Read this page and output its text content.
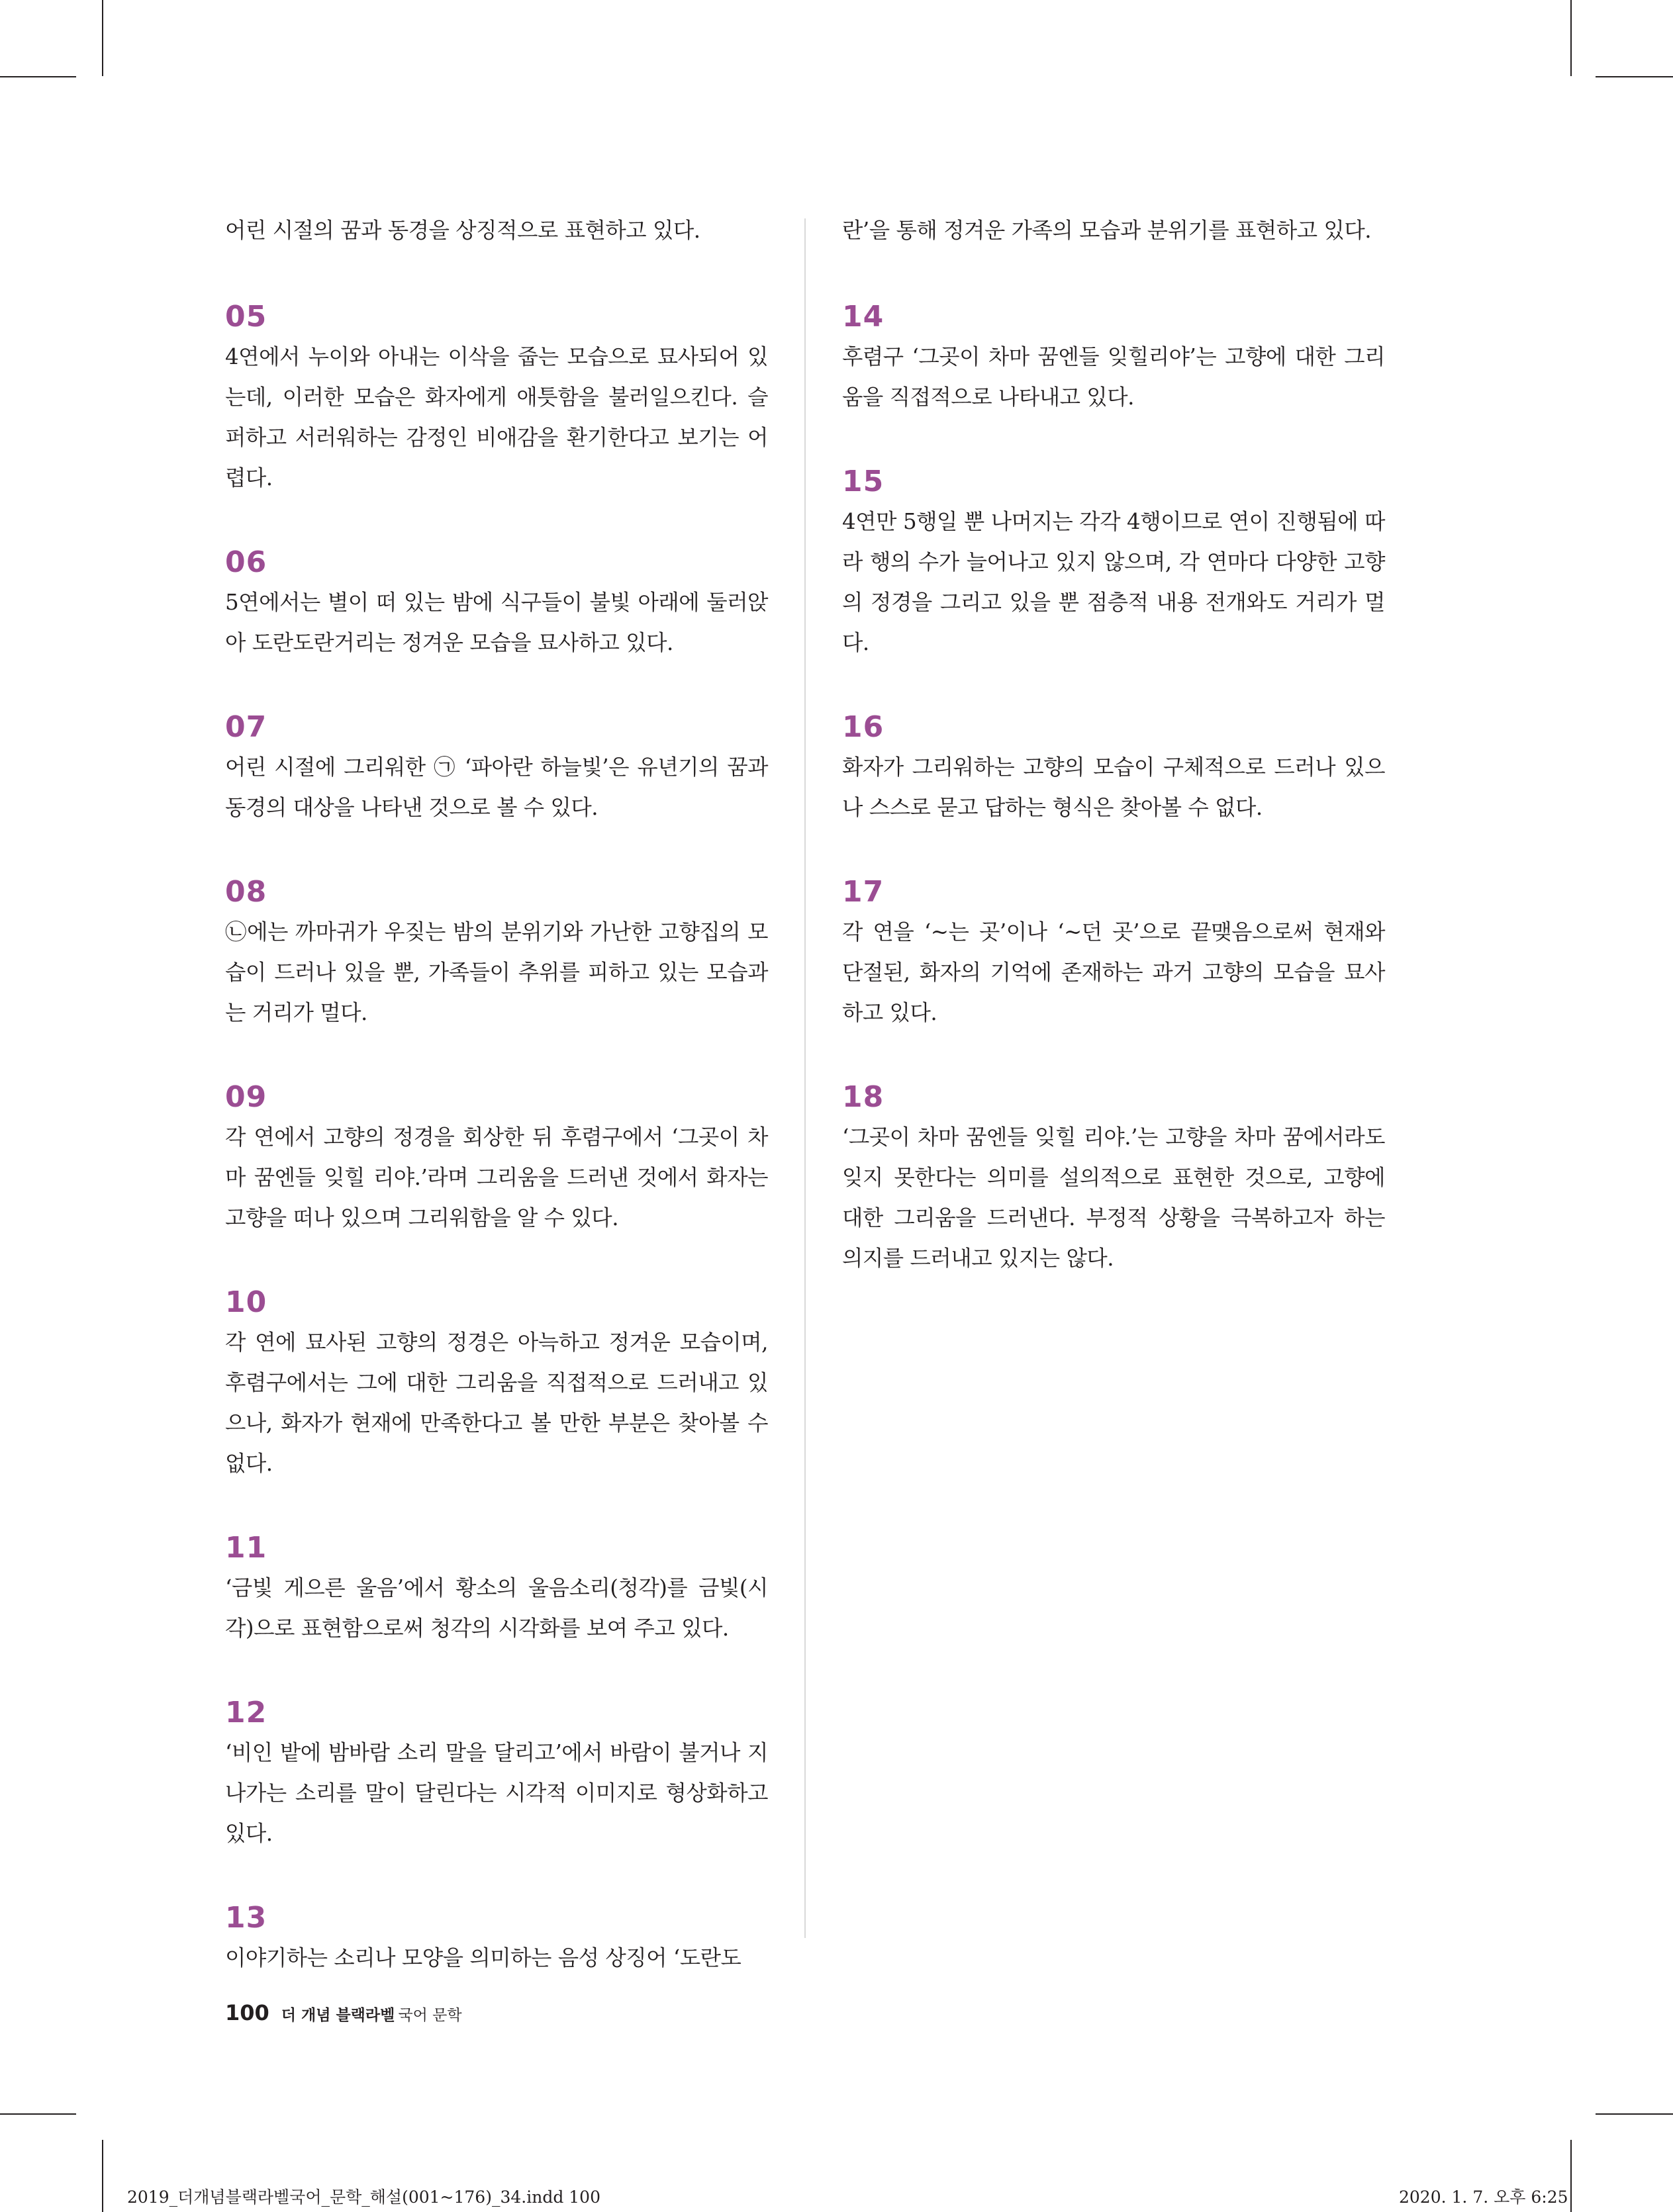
어린 시절의 꿈과 동경을 상징적으로 표현하고 있다.

05

4연에서 누이와 아내는 이삭을 줍는 모습으로 묘사되어 있는데, 이러한 모습은 화자에게 애틋함을 불러일으킨다. 슬퍼하고 서러워하는 감정인 비애감을 환기한다고 보기는 어렵다.

06

5연에서는 별이 떠 있는 밤에 식구들이 불빛 아래에 둘러앉아 도란도란거리는 정겨운 모습을 묘사하고 있다.

07

어린 시절에 그리워한 ㉠ ‘파아란 하늘빛’은 유년기의 꿈과 동경의 대상을 나타낸 것으로 볼 수 있다.

08

㉡에는 까마귀가 우짖는 밤의 분위기와 가난한 고향집의 모습이 드러나 있을 뿐, 가족들이 추위를 피하고 있는 모습과는 거리가 멀다.

09

각 연에서 고향의 정경을 회상한 뒤 후렴구에서 ‘그곳이 차마 꿈엔들 잊힐 리야.’라며 그리움을 드러낸 것에서 화자는 고향을 떠나 있으며 그리워함을 알 수 있다.

10

각 연에 묘사된 고향의 정경은 아늑하고 정겨운 모습이며, 후렴구에서는 그에 대한 그리움을 직접적으로 드러내고 있으나, 화자가 현재에 만족한다고 볼 만한 부분은 찾아볼 수 없다.

11

‘금빛 게으른 울음’에서 황소의 울음소리(청각)를 금빛(시각)으로 표현함으로써 청각의 시각화를 보여 주고 있다.

12

‘비인 밭에 밤바람 소리 말을 달리고’에서 바람이 불거나 지나가는 소리를 말이 달린다는 시각적 이미지로 형상화하고 있다.

13

이야기하는 소리나 모양을 의미하는 음성 상징어 ‘도란도

란’을 통해 정겨운 가족의 모습과 분위기를 표현하고 있다.

14

후렴구 ‘그곳이 차마 꿈엔들 잊힐리야’는 고향에 대한 그리움을 직접적으로 나타내고 있다.

15

4연만 5행일 뿐 나머지는 각각 4행이므로 연이 진행됨에 따라 행의 수가 늘어나고 있지 않으며, 각 연마다 다양한 고향의 정경을 그리고 있을 뿐 점층적 내용 전개와도 거리가 멀다.

16

화자가 그리워하는 고향의 모습이 구체적으로 드러나 있으나 스스로 묻고 답하는 형식은 찾아볼 수 없다.

17

각 연을 ‘~는 곳’이나 ‘~던 곳’으로 끝맺음으로써 현재와 단절된, 화자의 기억에 존재하는 과거 고향의 모습을 묘사하고 있다.

18

‘그곳이 차마 꿈엔들 잊힐 리야.’는 고향을 차마 꿈에서라도 잊지 못한다는 의미를 설의적으로 표현한 것으로, 고향에 대한 그리움을 드러낸다. 부정적 상황을 극복하고자 하는 의지를 드러내고 있지는 않다.

100 더 개념 블랙라벨 국어 문학
2019_더개념블랙라벨국어_문학_해설(001~176)_34.indd 100	2020. 1. 7. 오후 6:25
